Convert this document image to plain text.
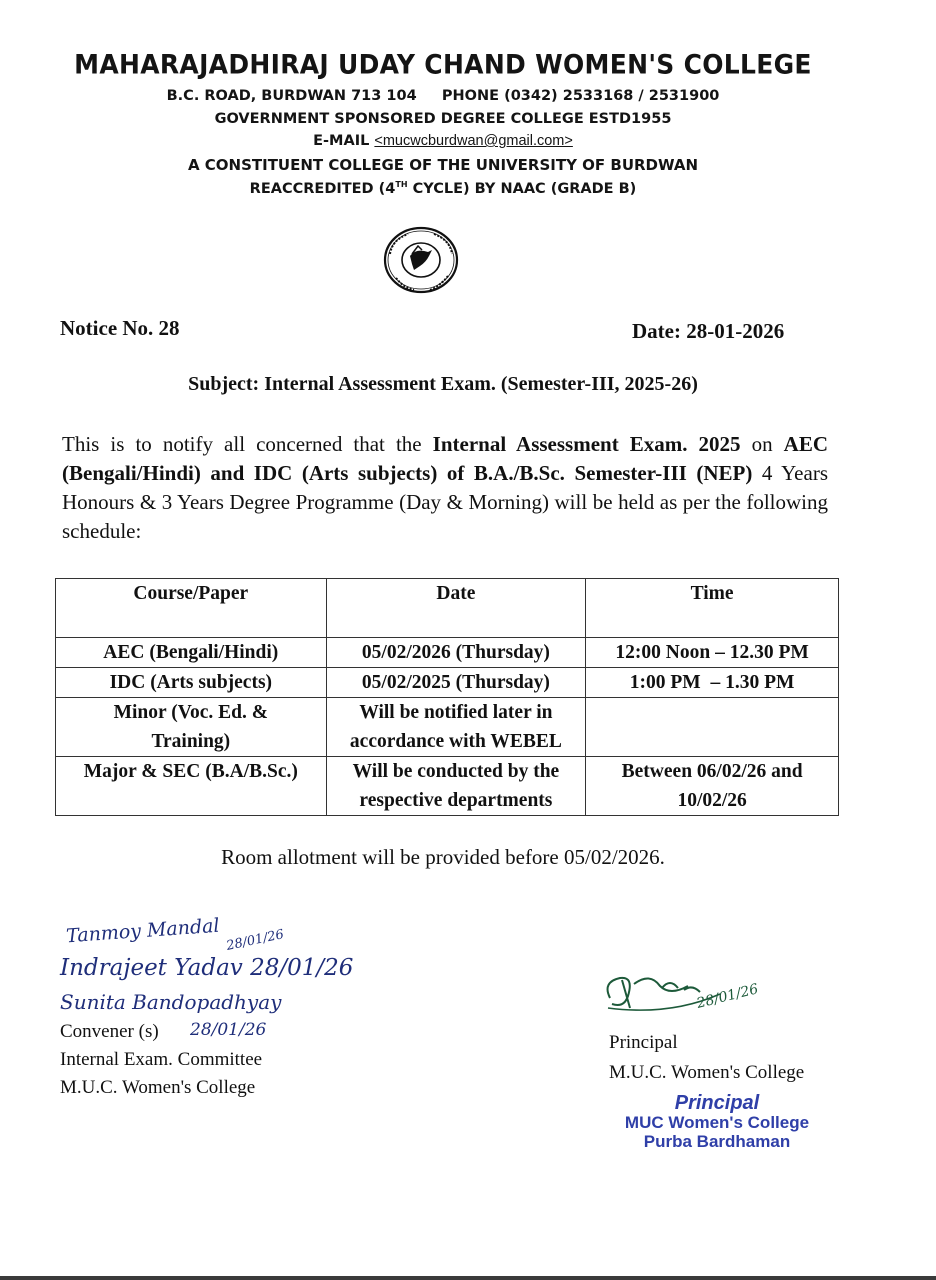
MAHARAJADHIRAJ UDAY CHAND WOMEN'S COLLEGE
B.C. ROAD, BURDWAN 713 104     PHONE (0342) 2533168 / 2531900
GOVERNMENT SPONSORED DEGREE COLLEGE ESTD1955
E-MAIL <mucwcburdwan@gmail.com>
A CONSTITUENT COLLEGE OF THE UNIVERSITY OF BURDWAN
REACCREDITED (4TH CYCLE) BY NAAC (GRADE B)
Notice No. 28	Date: 28-01-2026
Subject: Internal Assessment Exam. (Semester-III, 2025-26)
This is to notify all concerned that the Internal Assessment Exam. 2025 on AEC (Bengali/Hindi) and IDC (Arts subjects) of B.A./B.Sc. Semester-III (NEP) 4 Years Honours & 3 Years Degree Programme (Day & Morning) will be held as per the following schedule:
Course/Paper	Date	Time
AEC (Bengali/Hindi)	05/02/2026 (Thursday)	12:00 Noon – 12.30 PM
IDC (Arts subjects)	05/02/2025 (Thursday)	1:00 PM  – 1.30 PM
Minor (Voc. Ed. & Training)	Will be notified later in accordance with WEBEL	
Major & SEC (B.A/B.Sc.)	Will be conducted by the respective departments	Between 06/02/26 and 10/02/26
Room allotment will be provided before 05/02/2026.
Tanmoy Mandal 28/01/26
Indrajeet Yadav 28/01/26
Sunita Bandopadhyay
28/01/26
Convener (s)
Internal Exam. Committee
M.U.C. Women's College
28/01/26
Principal
M.U.C. Women's College
Principal
MUC Women's College
Purba Bardhaman
